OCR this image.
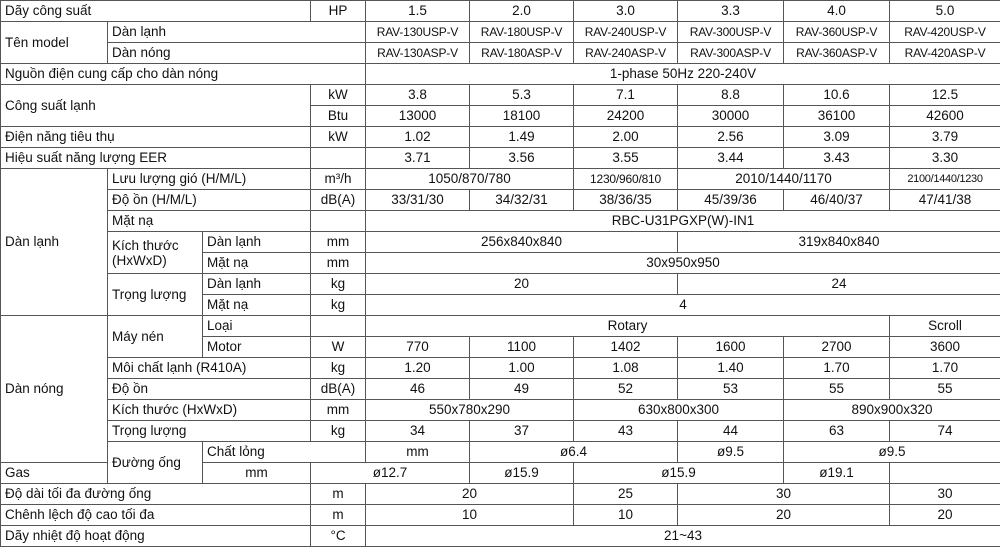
Dãy công suất			HP	1.5	2.0	3.0	3.3	4.0	5.0	
Tên model	Dàn lạnh			RAV-130USP-V	RAV-180USP-V	RAV-240USP-V	RAV-300USP-V	RAV-360USP-V	RAV-420USP-V	
	Dàn nóng			RAV-130ASP-V	RAV-180ASP-V	RAV-240ASP-V	RAV-300ASP-V	RAV-360ASP-V	RAV-420ASP-V	
Nguồn điện cung cấp cho dàn nóng				1-phase 50Hz 220-240V						
Công suất lạnh			kW	3.8	5.3	7.1	8.8	10.6	12.5	
			Btu	13000	18100	24200	30000	36100	42600	
Điện năng tiêu thụ			kW	1.02	1.49	2.00	2.56	3.09	3.79	
Hiệu suất năng lượng EER				3.71	3.56	3.55	3.44	3.43	3.30	
Dàn lạnh	Lưu lượng gió (H/M/L)		m³/h	1050/870/780		1230/960/810	2010/1440/1170		2100/1440/1230	
	Độ ồn (H/M/L)		dB(A)	33/31/30	34/32/31	38/36/35	45/39/36	46/40/37	47/41/38	
	Mặt nạ			RBC-U31PGXP(W)-IN1						
	Kích thước
(HxWxD)	Dàn lạnh	mm	256x840x840			319x840x840			
		Mặt nạ	mm	30x950x950						
	Trọng lượng	Dàn lạnh	kg	20			24			
		Mặt nạ	kg	4						
Dàn nóng	Máy nén	Loại		Rotary					Scroll	
		Motor	W	770	1100	1402	1600	2700	3600	
	Môi chất lạnh (R410A)		kg	1.20	1.00	1.08	1.40	1.70	1.70	
	Độ ồn		dB(A)	46	49	52	53	55	55	
	Kích thước (HxWxD)		mm	550x780x290		630x800x300		890x900x320		
	Trọng lượng		kg	34	37	43	44	63	74	
	Đường ống	Chất lỏng		mm	ø6.4		ø9.5	ø9.5	
Gas		mm	ø12.7		ø15.9	ø15.9		ø19.1		
Độ dài tối đa đường ống			m	20		25	30		30	
Chênh lệch độ cao tối đa			m	10		10	20		20	
Dãy nhiệt độ hoạt động			°C	21~43						
